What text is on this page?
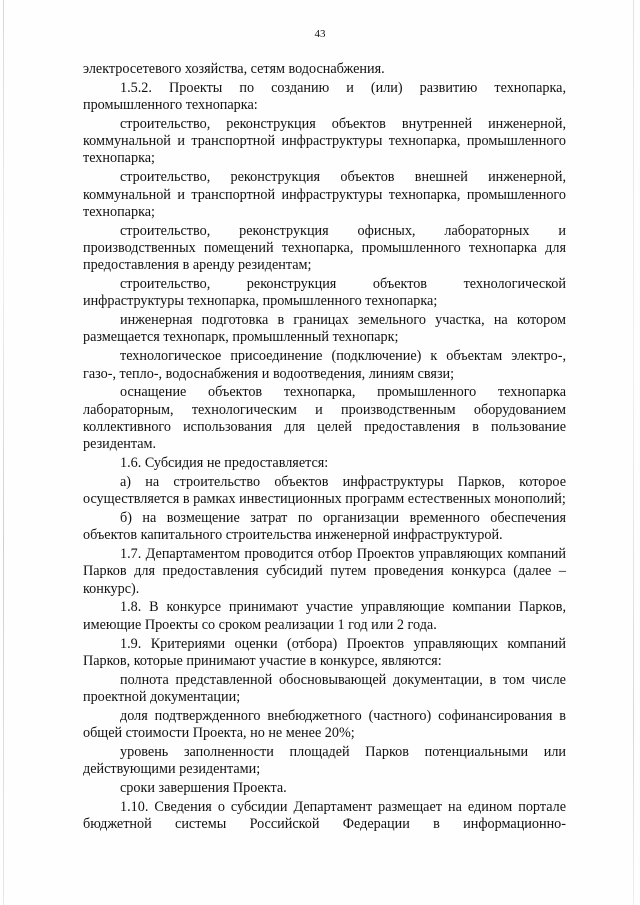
43

электросетевого хозяйства, сетям водоснабжения.

1.5.2. Проекты по созданию и (или) развитию технопарка, промышленного технопарка:

строительство, реконструкция объектов внутренней инженерной, коммунальной и транспортной инфраструктуры технопарка, промышленного технопарка;

строительство, реконструкция объектов внешней инженерной, коммунальной и транспортной инфраструктуры технопарка, промышленного технопарка;

строительство, реконструкция офисных, лабораторных и производственных помещений технопарка, промышленного технопарка для предоставления в аренду резидентам;

строительство, реконструкция объектов технологической инфраструктуры технопарка, промышленного технопарка;

инженерная подготовка в границах земельного участка, на котором размещается технопарк, промышленный технопарк;

технологическое присоединение (подключение) к объектам электро-, газо-, тепло-, водоснабжения и водоотведения, линиям связи;

оснащение объектов технопарка, промышленного технопарка лабораторным, технологическим и производственным оборудованием коллективного использования для целей предоставления в пользование резидентам.

1.6. Субсидия не предоставляется:

а) на строительство объектов инфраструктуры Парков, которое осуществляется в рамках инвестиционных программ естественных монополий;

б) на возмещение затрат по организации временного обеспечения объектов капитального строительства инженерной инфраструктурой.

1.7. Департаментом проводится отбор Проектов управляющих компаний Парков для предоставления субсидий путем проведения конкурса (далее – конкурс).

1.8. В конкурсе принимают участие управляющие компании Парков, имеющие Проекты со сроком реализации 1 год или 2 года.

1.9. Критериями оценки (отбора) Проектов управляющих компаний Парков, которые принимают участие в конкурсе, являются:

полнота представленной обосновывающей документации, в том числе проектной документации;

доля подтвержденного внебюджетного (частного) софинансирования в общей стоимости Проекта, но не менее 20%;

уровень заполненности площадей Парков потенциальными или действующими резидентами;

сроки завершения Проекта.

1.10. Сведения о субсидии Департамент размещает на едином портале бюджетной системы Российской Федерации в информационно-
